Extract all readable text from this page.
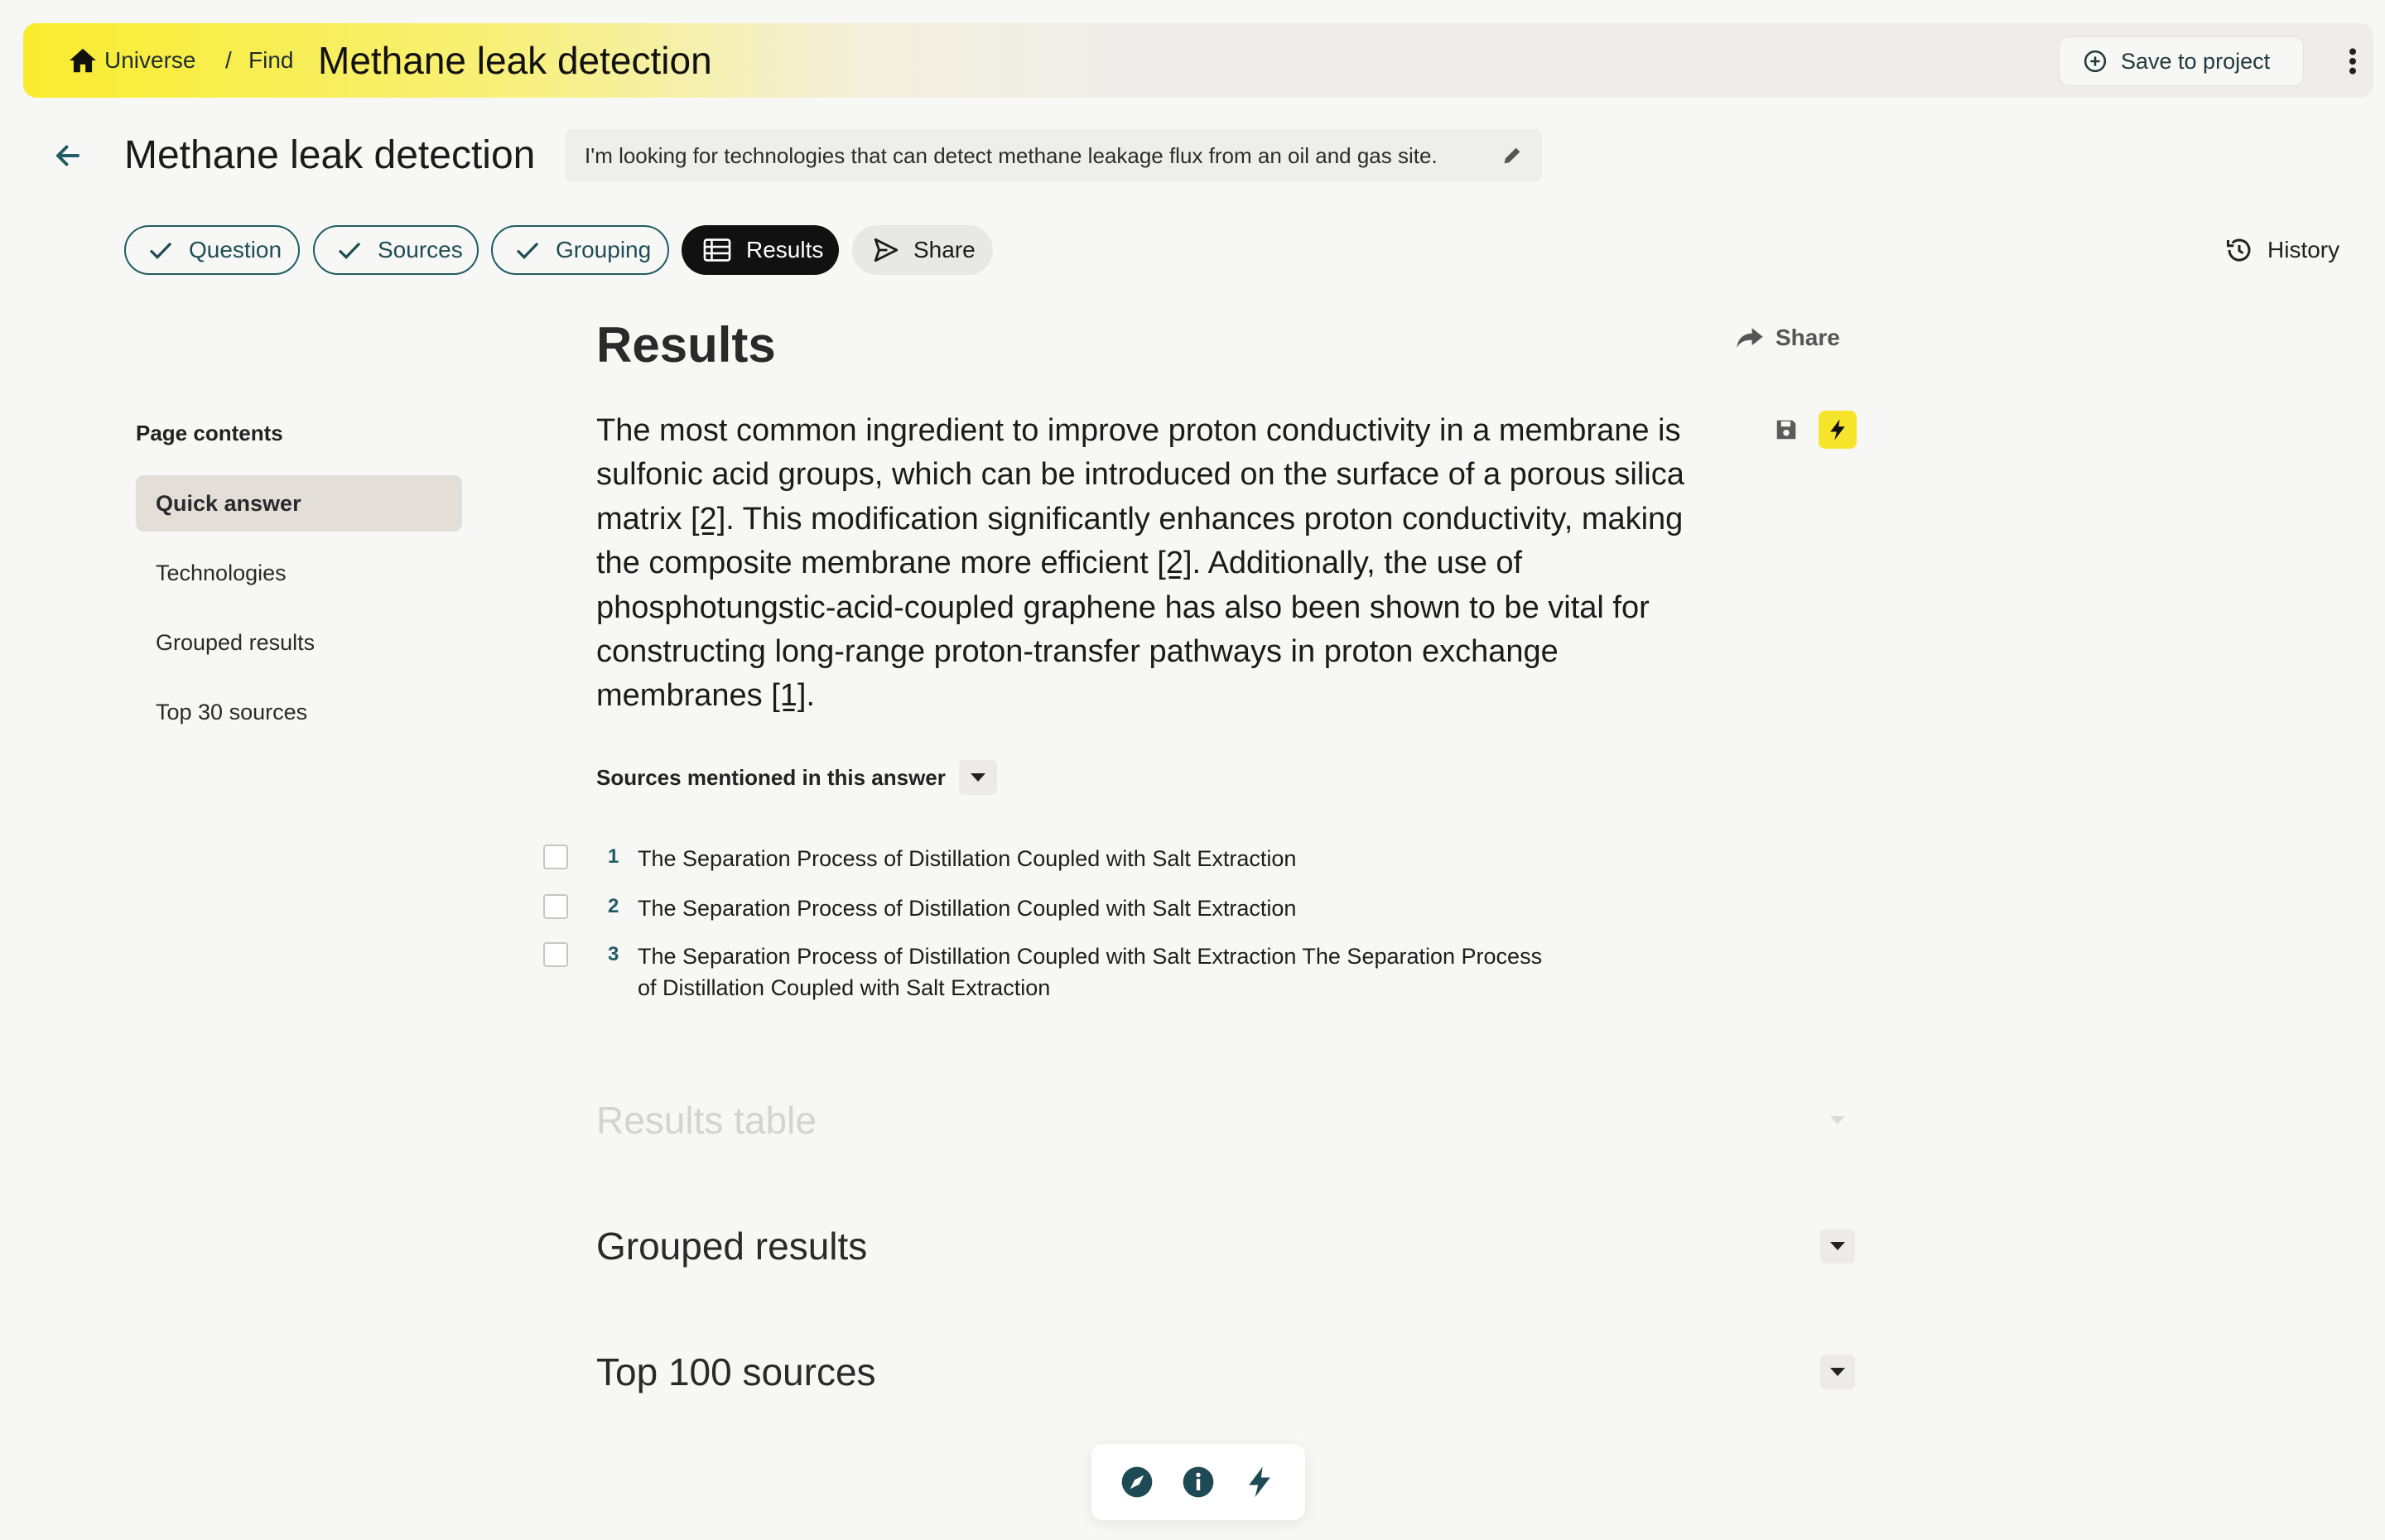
Universe / Find Methane leak detection	Save to project
Methane leak detection I'm looking for technologies that can detect methane leakage flux from an oil and gas site.
Question	Sources	Grouping	Results	Share	History
Page contents
Quick answer
Technologies
Grouped results
Top 30 sources
Results	Share
The most common ingredient to improve proton conductivity in a membrane is sulfonic acid groups, which can be introduced on the surface of a porous silica matrix [2]. This modification significantly enhances proton conductivity, making the composite membrane more efficient [2]. Additionally, the use of phosphotungstic-acid-coupled graphene has also been shown to be vital for constructing long-range proton-transfer pathways in proton exchange membranes [1].
Sources mentioned in this answer
1 The Separation Process of Distillation Coupled with Salt Extraction
2 The Separation Process of Distillation Coupled with Salt Extraction
3 The Separation Process of Distillation Coupled with Salt Extraction The Separation Process of Distillation Coupled with Salt Extraction
Results table
Grouped results
Top 100 sources
